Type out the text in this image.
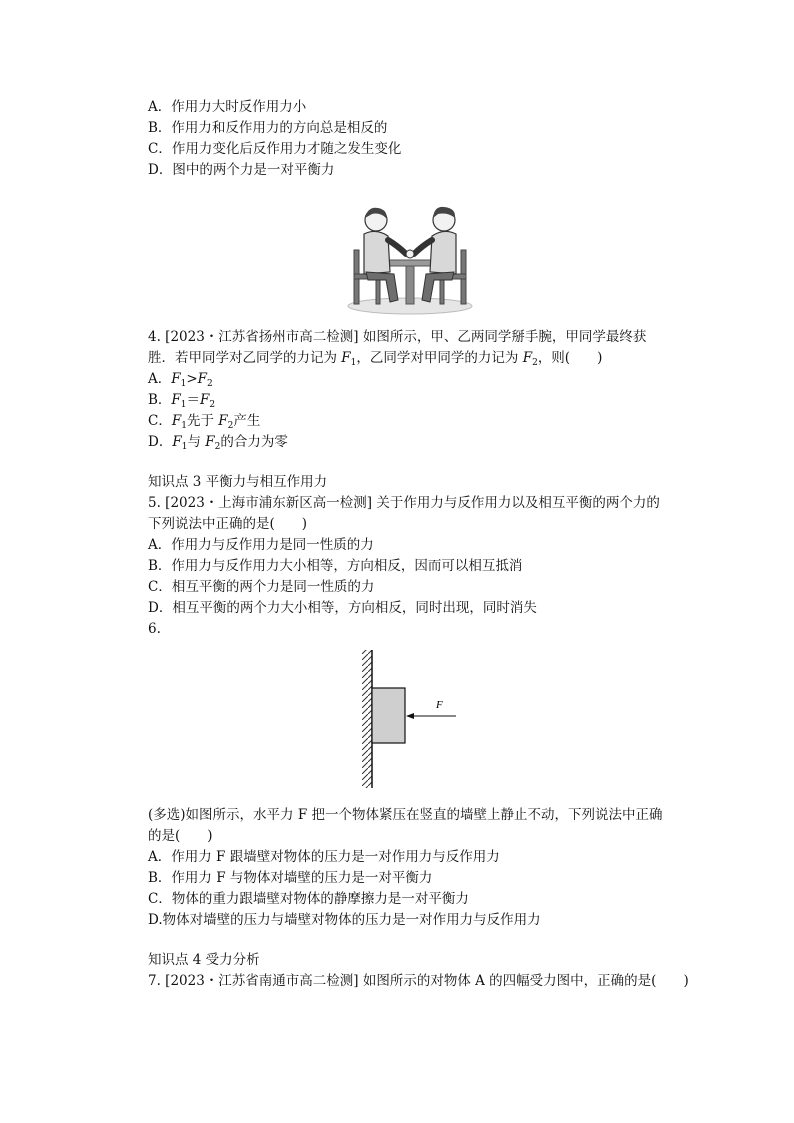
A．作用力大时反作用力小
B．作用力和反作用力的方向总是相反的
C．作用力变化后反作用力才随之发生变化
D．图中的两个力是一对平衡力
4. [2023・江苏省扬州市高二检测] 如图所示，甲、乙两同学掰手腕，甲同学最终获
胜．若甲同学对乙同学的力记为 $F_1$，乙同学对甲同学的力记为 $F_2$，则(　　)
A．$F_1>F_2$
B．$F_1=F_2$
C．$F_1$先于 $F_2$产生
D．$F_1$与 $F_2$的合力为零
知识点 3 平衡力与相互作用力
5. [2023・上海市浦东新区高一检测] 关于作用力与反作用力以及相互平衡的两个力的
下列说法中正确的是(　　)
A．作用力与反作用力是同一性质的力
B．作用力与反作用力大小相等，方向相反，因而可以相互抵消
C．相互平衡的两个力是同一性质的力
D．相互平衡的两个力大小相等，方向相反，同时出现，同时消失
6.
F
(多选)如图所示，水平力 F 把一个物体紧压在竖直的墙壁上静止不动，下列说法中正确
的是(　　)
A．作用力 F 跟墙壁对物体的压力是一对作用力与反作用力
B．作用力 F 与物体对墙壁的压力是一对平衡力
C．物体的重力跟墙壁对物体的静摩擦力是一对平衡力
D.物体对墙壁的压力与墙壁对物体的压力是一对作用力与反作用力
知识点 4 受力分析
7. [2023・江苏省南通市高二检测] 如图所示的对物体 A 的四幅受力图中，正确的是(　　)
